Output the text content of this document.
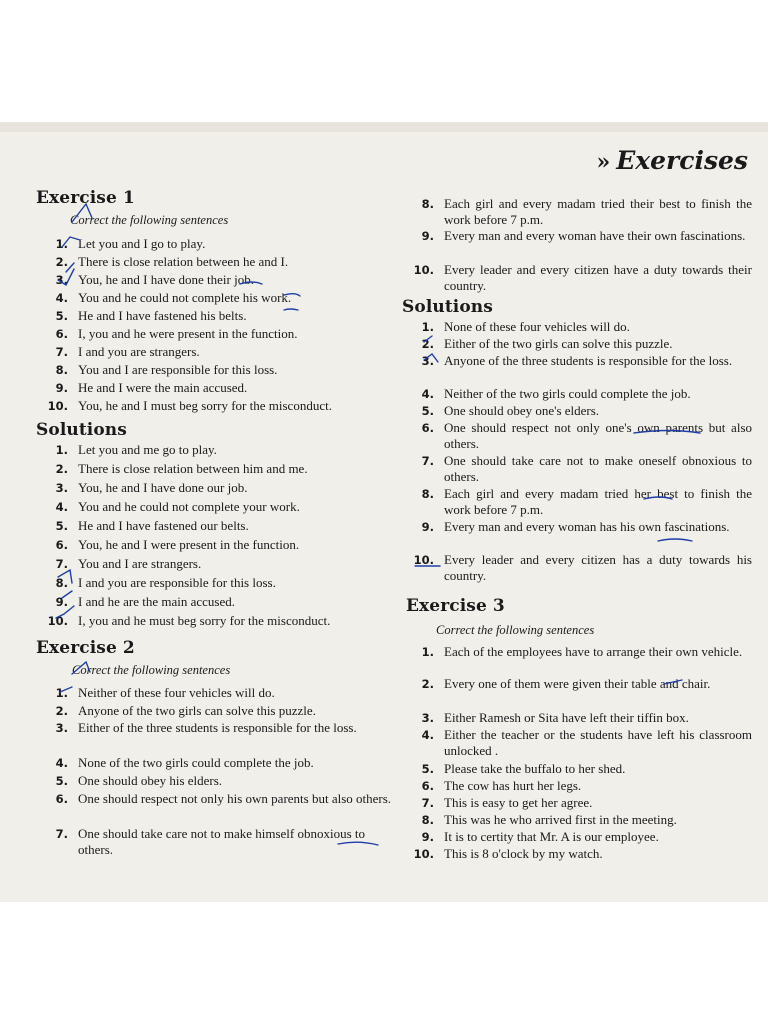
» Exercises
Exercise 1
Correct the following sentences
1. Let you and I go to play.
2. There is close relation between he and I.
3. You, he and I have done their job.
4. You and he could not complete his work.
5. He and I have fastened his belts.
6. I, you and he were present in the function.
7. I and you are strangers.
8. You and I are responsible for this loss.
9. He and I were the main accused.
10. You, he and I must beg sorry for the misconduct.
Solutions
1. Let you and me go to play.
2. There is close relation between him and me.
3. You, he and I have done our job.
4. You and he could not complete your work.
5. He and I have fastened our belts.
6. You, he and I were present in the function.
7. You and I are strangers.
8. I and you are responsible for this loss.
9. I and he are the main accused.
10. I, you and he must beg sorry for the misconduct.
Exercise 2
Correct the following sentences
1. Neither of these four vehicles will do.
2. Anyone of the two girls can solve this puzzle.
3. Either of the three students is responsible for the loss.
4. None of the two girls could complete the job.
5. One should obey his elders.
6. One should respect not only his own parents but also others.
7. One should take care not to make himself obnoxious to others.
8. Each girl and every madam tried their best to finish the work before 7 p.m.
9. Every man and every woman have their own fascinations.
10. Every leader and every citizen have a duty towards their country.
Solutions
1. None of these four vehicles will do.
2. Either of the two girls can solve this puzzle.
3. Anyone of the three students is responsible for the loss.
4. Neither of the two girls could complete the job.
5. One should obey one's elders.
6. One should respect not only one's own parents but also others.
7. One should take care not to make oneself obnoxious to others.
8. Each girl and every madam tried her best to finish the work before 7 p.m.
9. Every man and every woman has his own fascinations.
10. Every leader and every citizen has a duty towards his country.
Exercise 3
Correct the following sentences
1. Each of the employees have to arrange their own vehicle.
2. Every one of them were given their table and chair.
3. Either Ramesh or Sita have left their tiffin box.
4. Either the teacher or the students have left his classroom unlocked .
5. Please take the buffalo to her shed.
6. The cow has hurt her legs.
7. This is easy to get her agree.
8. This was he who arrived first in the meeting.
9. It is to certity that Mr. A is our employee.
10. This is 8 o'clock by my watch.
